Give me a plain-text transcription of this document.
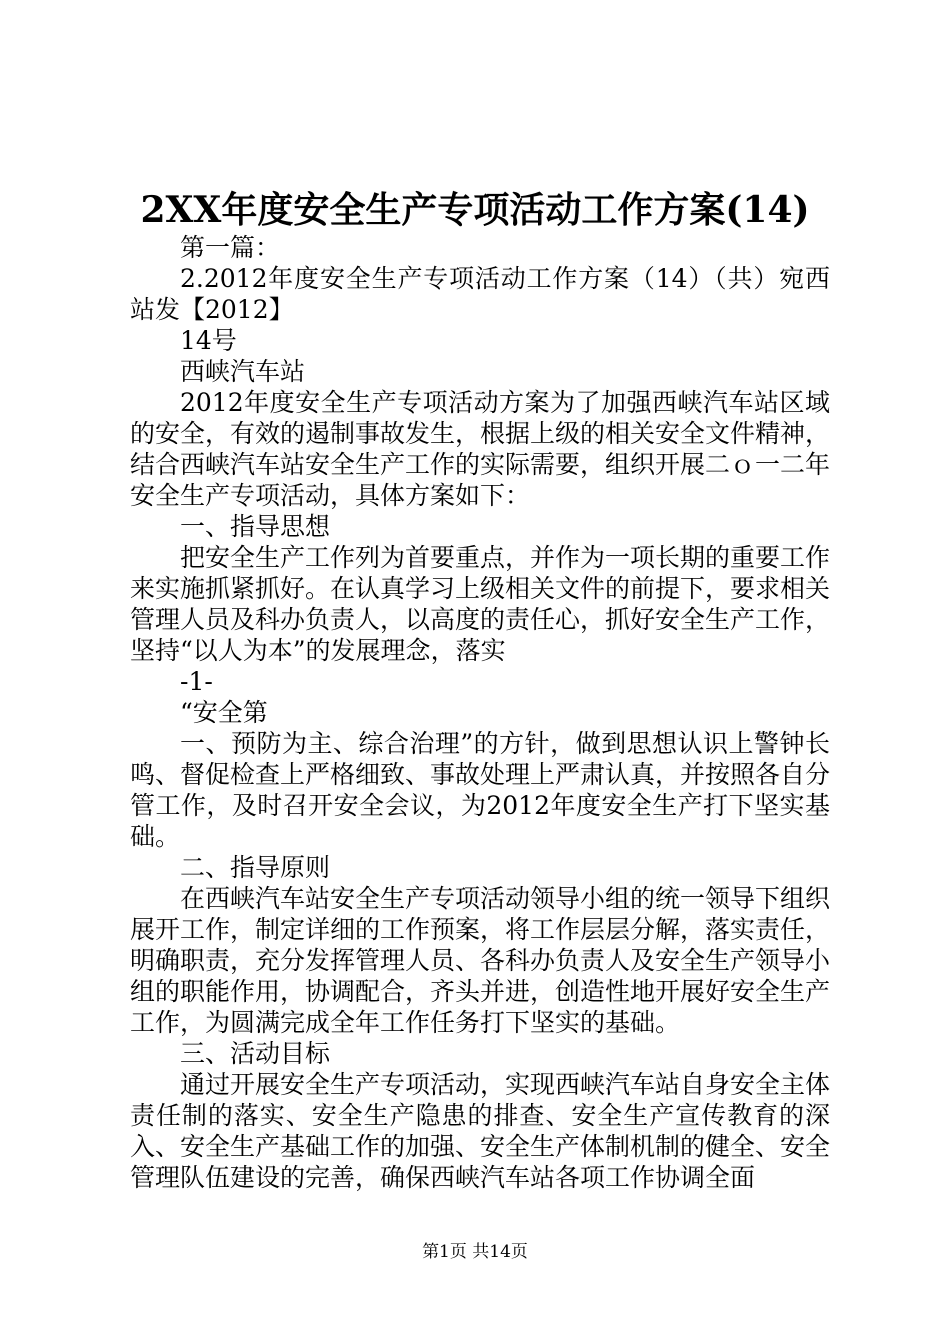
2XX年度安全生产专项活动工作方案(14)

第一篇：

2.2012年度安全生产专项活动工作方案（14）（共）宛西站发【2012】

14号

西峡汽车站

2012年度安全生产专项活动方案为了加强西峡汽车站区域的安全，有效的遏制事故发生，根据上级的相关安全文件精神，结合西峡汽车站安全生产工作的实际需要，组织开展二ｏ一二年安全生产专项活动，具体方案如下：

一、指导思想

把安全生产工作列为首要重点，并作为一项长期的重要工作来实施抓紧抓好。在认真学习上级相关文件的前提下，要求相关管理人员及科办负责人，以高度的责任心，抓好安全生产工作，坚持“以人为本”的发展理念，落实

-1-

“安全第

一、预防为主、综合治理”的方针，做到思想认识上警钟长鸣、督促检查上严格细致、事故处理上严肃认真，并按照各自分管工作，及时召开安全会议，为2012年度安全生产打下坚实基础。

二、指导原则

在西峡汽车站安全生产专项活动领导小组的统一领导下组织展开工作，制定详细的工作预案，将工作层层分解，落实责任，明确职责，充分发挥管理人员、各科办负责人及安全生产领导小组的职能作用，协调配合，齐头并进，创造性地开展好安全生产工作，为圆满完成全年工作任务打下坚实的基础。

三、活动目标

通过开展安全生产专项活动，实现西峡汽车站自身安全主体责任制的落实、安全生产隐患的排查、安全生产宣传教育的深入、安全生产基础工作的加强、安全生产体制机制的健全、安全管理队伍建设的完善，确保西峡汽车站各项工作协调全面

第1页 共14页
